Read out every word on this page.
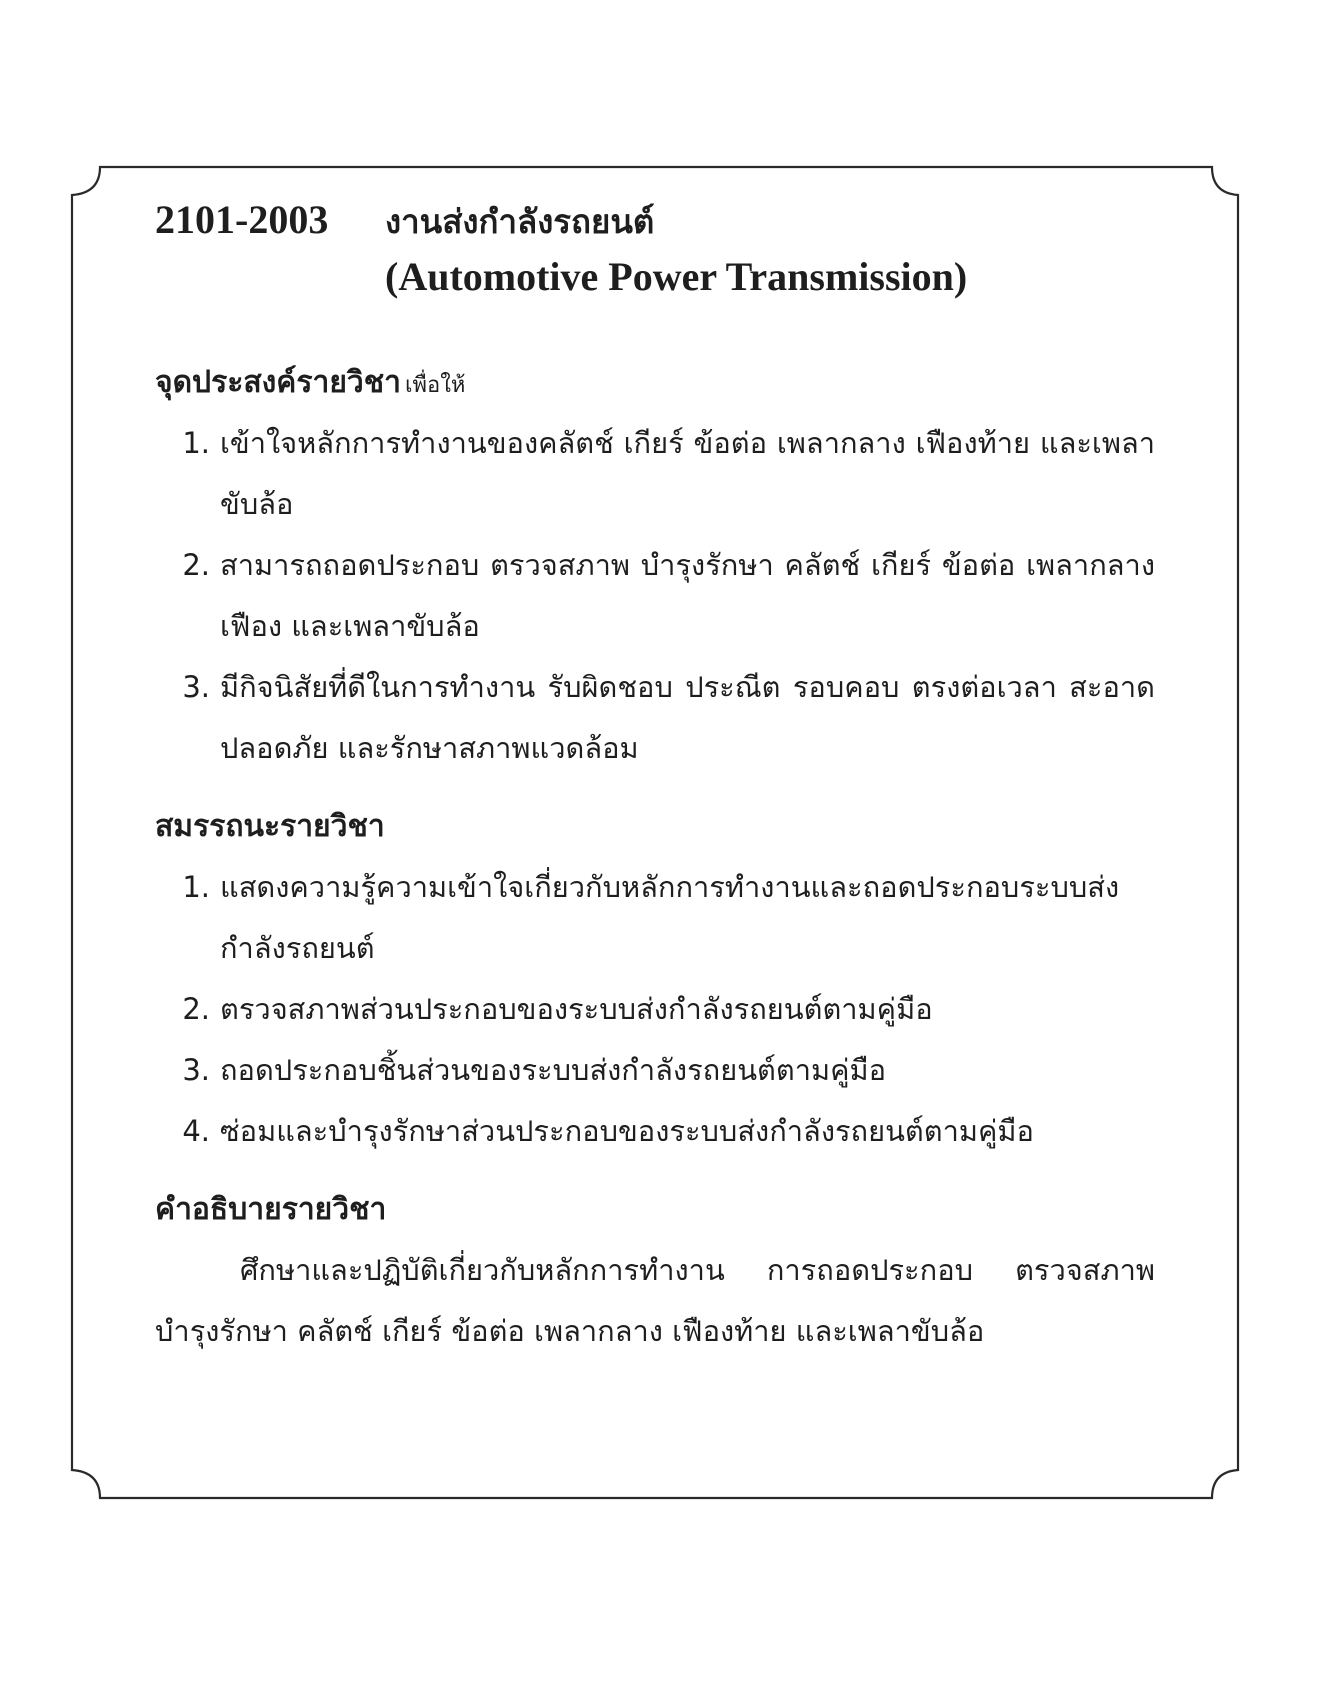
2101-2003	งานส่งกำลังรถยนต์
(Automotive Power Transmission)
จุดประสงค์รายวิชา เพื่อให้
1. เข้าใจหลักการทำงานของคลัตช์ เกียร์ ข้อต่อ เพลากลาง เฟืองท้าย และเพลาขับล้อ
2. สามารถถอดประกอบ ตรวจสภาพ บำรุงรักษา คลัตช์ เกียร์ ข้อต่อ เพลากลาง เฟือง และเพลาขับล้อ
3. มีกิจนิสัยที่ดีในการทำงาน รับผิดชอบ ประณีต รอบคอบ ตรงต่อเวลา สะอาด ปลอดภัย และรักษาสภาพแวดล้อม
สมรรถนะรายวิชา
1. แสดงความรู้ความเข้าใจเกี่ยวกับหลักการทำงานและถอดประกอบระบบส่งกำลังรถยนต์
2. ตรวจสภาพส่วนประกอบของระบบส่งกำลังรถยนต์ตามคู่มือ
3. ถอดประกอบชิ้นส่วนของระบบส่งกำลังรถยนต์ตามคู่มือ
4. ซ่อมและบำรุงรักษาส่วนประกอบของระบบส่งกำลังรถยนต์ตามคู่มือ
คำอธิบายรายวิชา

ศึกษาและปฏิบัติเกี่ยวกับหลักการทำงาน การถอดประกอบ ตรวจสภาพ บำรุงรักษา คลัตช์ เกียร์ ข้อต่อ เพลากลาง เฟืองท้าย และเพลาขับล้อ
